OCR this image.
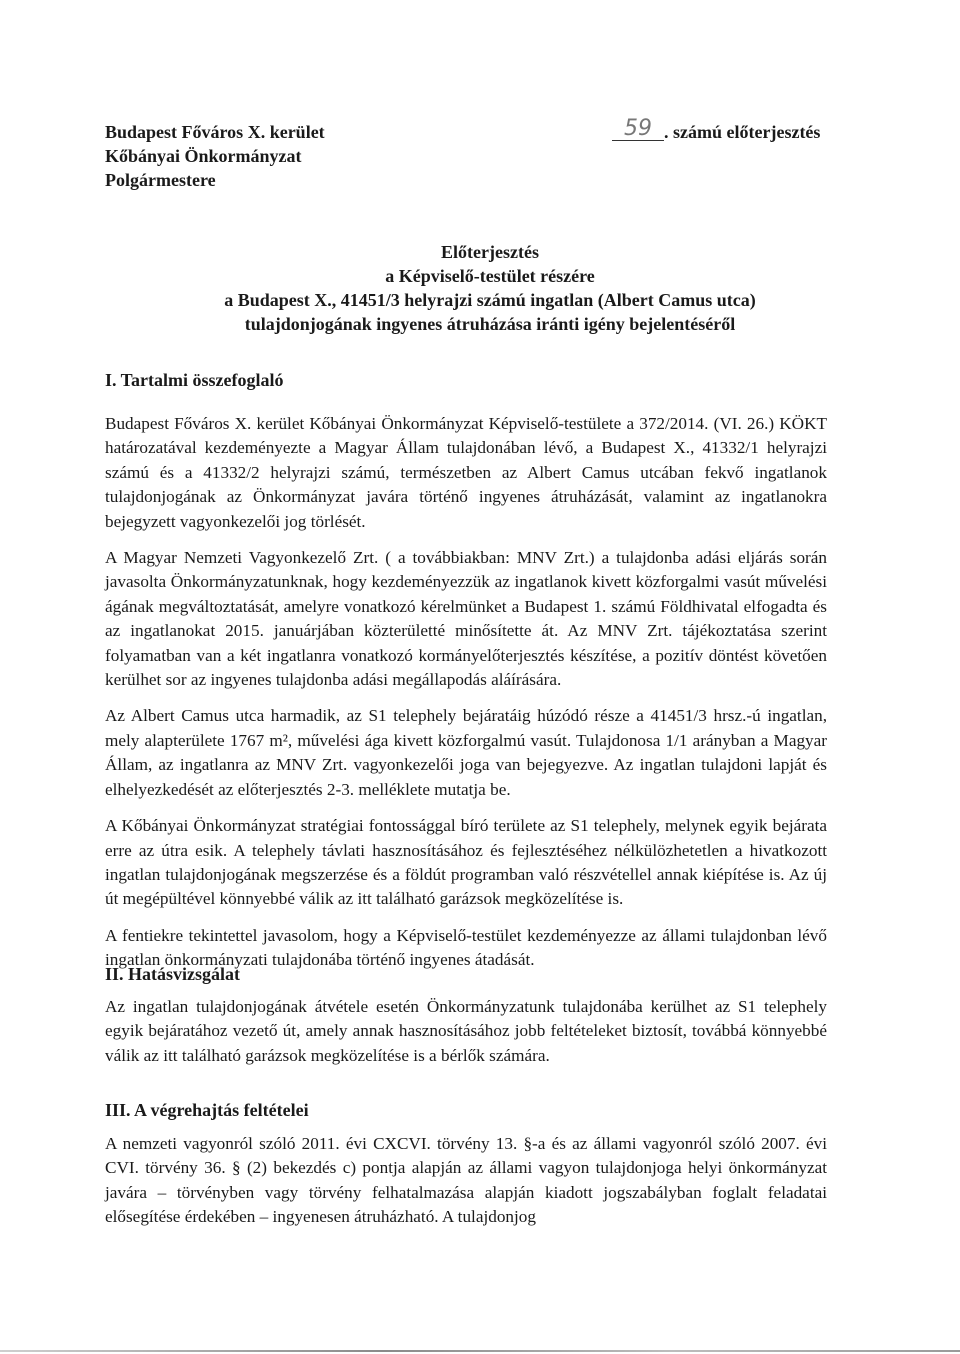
Budapest Főváros X. kerület
Kőbányai Önkormányzat
Polgármestere
59 . számú előterjesztés
Előterjesztés
a Képviselő-testület részére
a Budapest X., 41451/3 helyrajzi számú ingatlan (Albert Camus utca)
tulajdonjogának ingyenes átruházása iránti igény bejelentéséről
I. Tartalmi összefoglaló

Budapest Főváros X. kerület Kőbányai Önkormányzat Képviselő-testülete a 372/2014. (VI. 26.) KÖKT határozatával kezdeményezte a Magyar Állam tulajdonában lévő, a Budapest X., 41332/1 helyrajzi számú és a 41332/2 helyrajzi számú, természetben az Albert Camus utcában fekvő ingatlanok tulajdonjogának az Önkormányzat javára történő ingyenes átruházását, valamint az ingatlanokra bejegyzett vagyonkezelői jog törlését.

A Magyar Nemzeti Vagyonkezelő Zrt. ( a továbbiakban: MNV Zrt.) a tulajdonba adási eljárás során javasolta Önkormányzatunknak, hogy kezdeményezzük az ingatlanok kivett közforgalmi vasút művelési ágának megváltoztatását, amelyre vonatkozó kérelmünket a Budapest 1. számú Földhivatal elfogadta és az ingatlanokat 2015. januárjában közterületté minősítette át. Az MNV Zrt. tájékoztatása szerint folyamatban van a két ingatlanra vonatkozó kormányelőterjesztés készítése, a pozitív döntést követően kerülhet sor az ingyenes tulajdonba adási megállapodás aláírására.

Az Albert Camus utca harmadik, az S1 telephely bejáratáig húzódó része a 41451/3 hrsz.-ú ingatlan, mely alapterülete 1767 m², művelési ága kivett közforgalmú vasút. Tulajdonosa 1/1 arányban a Magyar Állam, az ingatlanra az MNV Zrt. vagyonkezelői joga van bejegyezve. Az ingatlan tulajdoni lapját és elhelyezkedését az előterjesztés 2-3. melléklete mutatja be.

A Kőbányai Önkormányzat stratégiai fontossággal bíró területe az S1 telephely, melynek egyik bejárata erre az útra esik. A telephely távlati hasznosításához és fejlesztéséhez nélkülözhetetlen a hivatkozott ingatlan tulajdonjogának megszerzése és a földút programban való részvétellel annak kiépítése is. Az új út megépültével könnyebbé válik az itt található garázsok megközelítése is.

A fentiekre tekintettel javasolom, hogy a Képviselő-testület kezdeményezze az állami tulajdonban lévő ingatlan önkormányzati tulajdonába történő ingyenes átadását.

II. Hatásvizsgálat

Az ingatlan tulajdonjogának átvétele esetén Önkormányzatunk tulajdonába kerülhet az S1 telephely egyik bejáratához vezető út, amely annak hasznosításához jobb feltételeket biztosít, továbbá könnyebbé válik az itt található garázsok megközelítése is a bérlők számára.

III. A végrehajtás feltételei

A nemzeti vagyonról szóló 2011. évi CXCVI. törvény 13. §-a és az állami vagyonról szóló 2007. évi CVI. törvény 36. § (2) bekezdés c) pontja alapján az állami vagyon tulajdonjoga helyi önkormányzat javára – törvényben vagy törvény felhatalmazása alapján kiadott jogszabályban foglalt feladatai elősegítése érdekében – ingyenesen átruházható. A tulajdonjog
